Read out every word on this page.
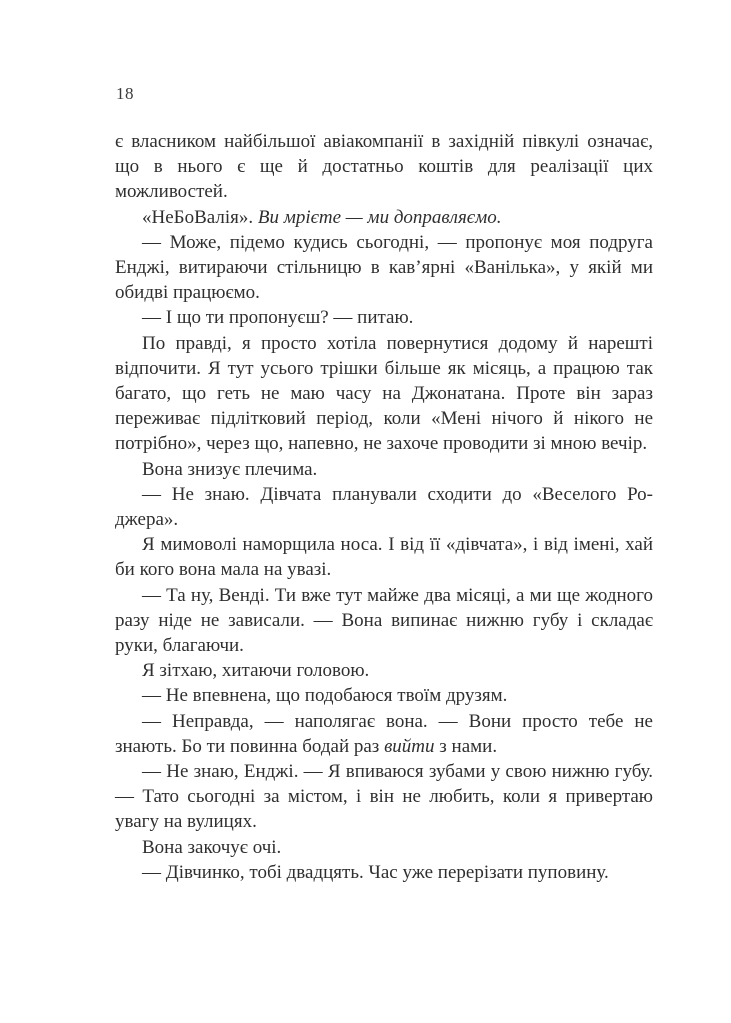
18

є власником найбільшої авіакомпанії в західній півкулі означає, що в нього є ще й достатньо коштів для реалізації цих можливостей.

«НеБоВалія». Ви мрієте — ми доправляємо.

— Може, підемо кудись сьогодні, — пропонує моя подруга Енджі, витираючи стільницю в кав’ярні «Ванілька», у якій ми обидві працюємо.

— І що ти пропонуєш? — питаю.

По правді, я просто хотіла повернутися додому й нарешті відпочити. Я тут усього трішки більше як місяць, а працюю так багато, що геть не маю часу на Джонатана. Проте він зараз переживає підлітковий період, коли «Мені нічого й нікого не потрібно», через що, напевно, не захоче проводити зі мною вечір.

Вона знизує плечима.

— Не знаю. Дівчата планували сходити до «Веселого Роджера».

Я мимоволі наморщила носа. І від її «дівчата», і від імені, хай би кого вона мала на увазі.

— Та ну, Венді. Ти вже тут майже два місяці, а ми ще жодного разу ніде не зависали. — Вона випинає нижню губу і складає руки, благаючи.

Я зітхаю, хитаючи головою.

— Не впевнена, що подобаюся твоїм друзям.

— Неправда, — наполягає вона. — Вони просто тебе не знають. Бо ти повинна бодай раз вийти з нами.

— Не знаю, Енджі. — Я впиваюся зубами у свою нижню губу. — Тато сьогодні за містом, і він не любить, коли я привертаю увагу на вулицях.

Вона закочує очі.

— Дівчинко, тобі двадцять. Час уже перерізати пуповину.
